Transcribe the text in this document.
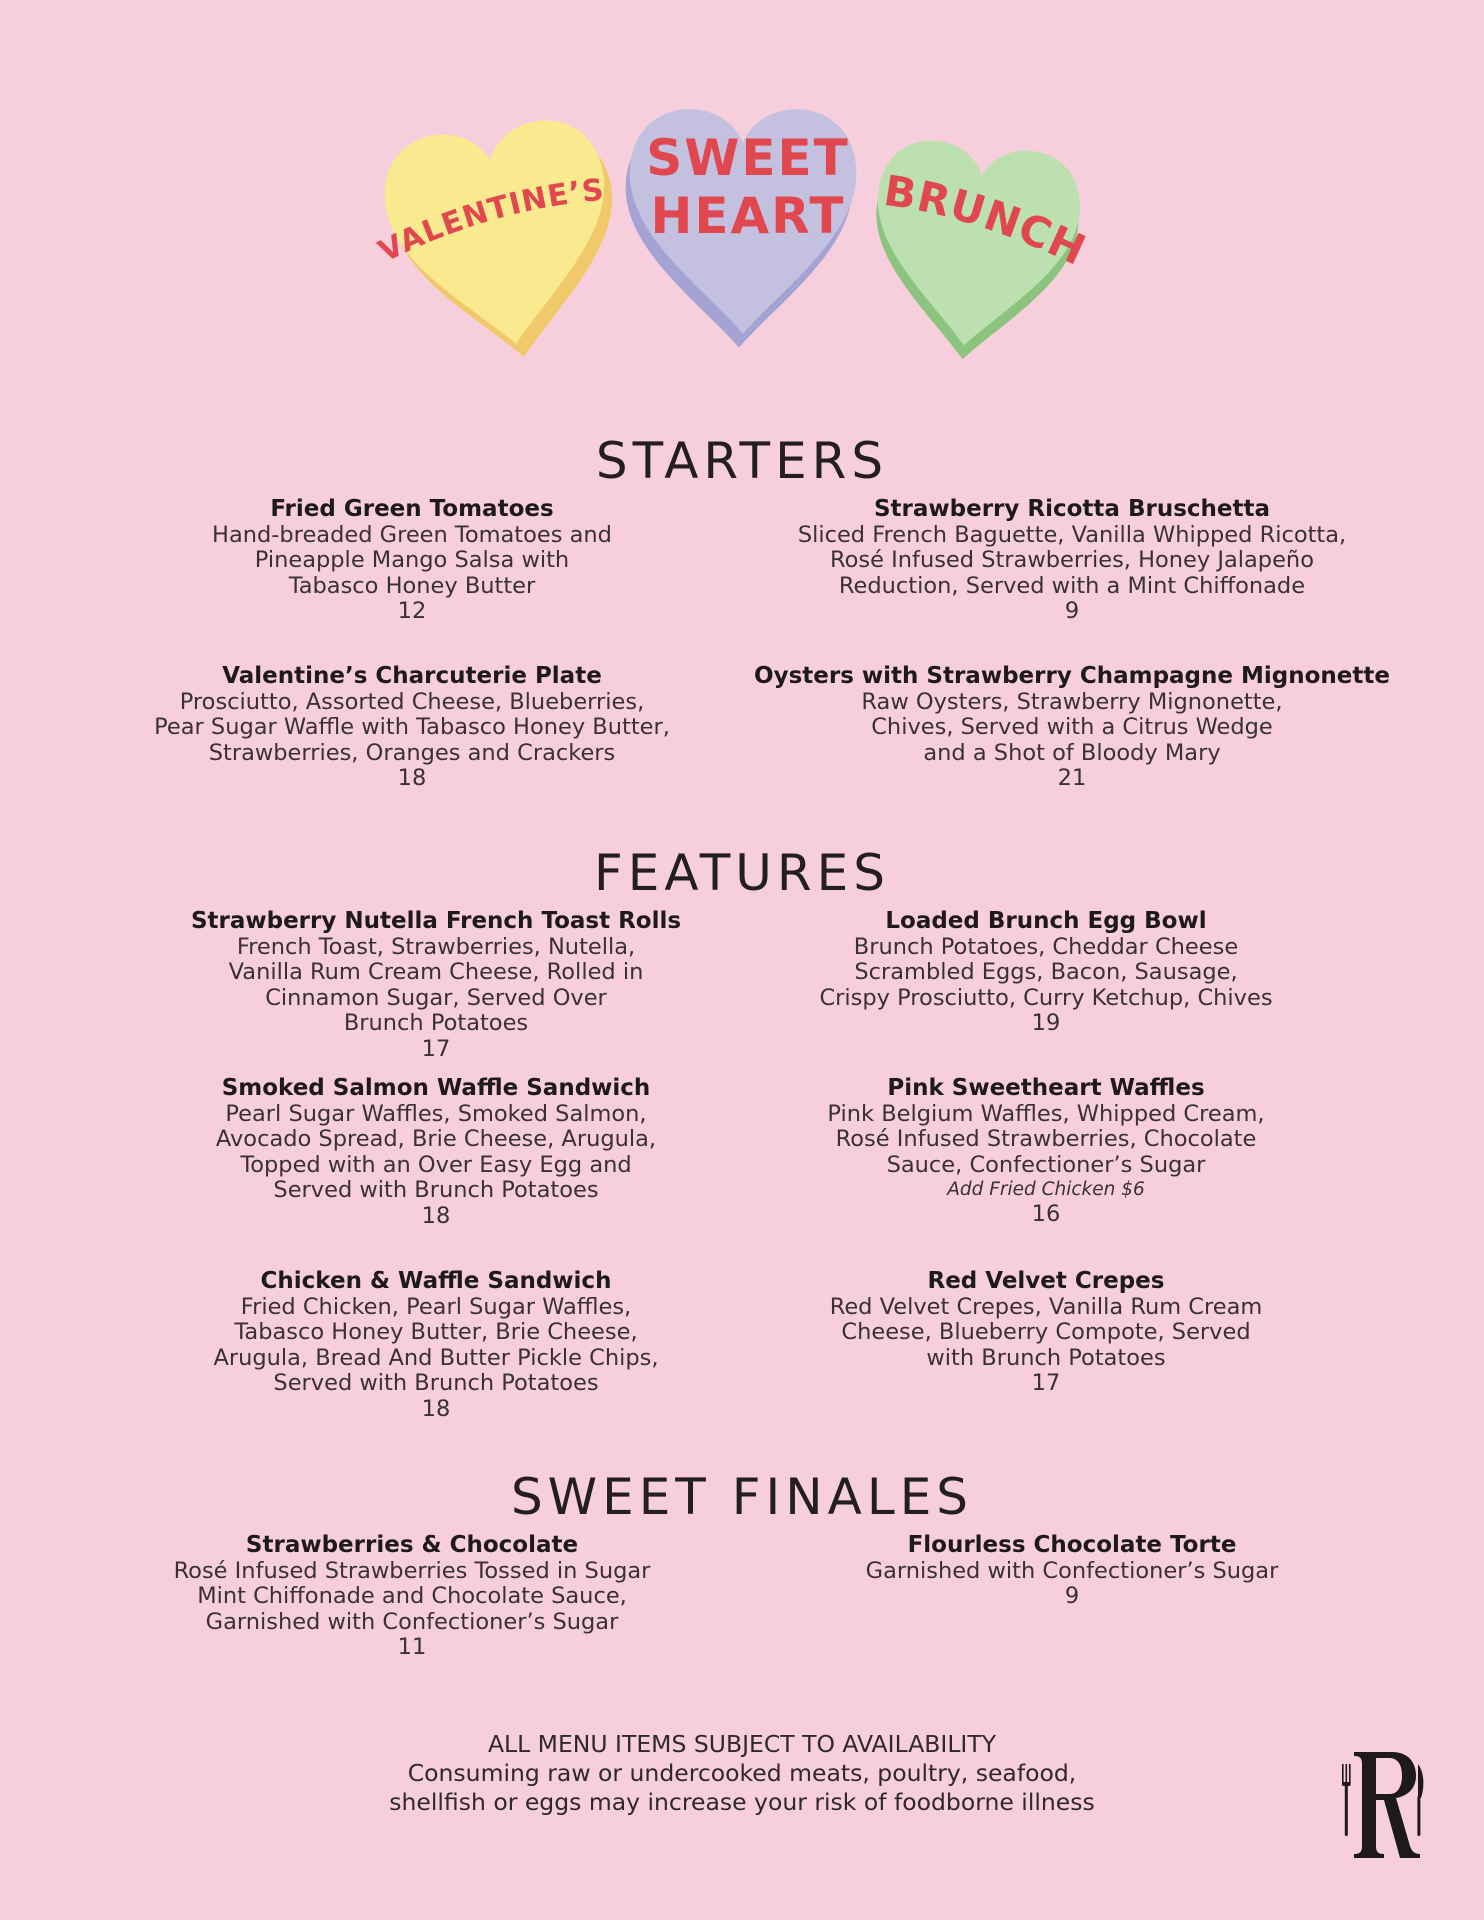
VALENTINE’S
SWEET
HEART BRUNCH
STARTERS
Fried Green Tomatoes
Hand-breaded Green Tomatoes and
Pineapple Mango Salsa with
Tabasco Honey Butter
12
Strawberry Ricotta Bruschetta
Sliced French Baguette, Vanilla Whipped Ricotta,
Rosé Infused Strawberries, Honey Jalapeño
Reduction, Served with a Mint Chiffonade
9
Valentine’s Charcuterie Plate
Prosciutto, Assorted Cheese, Blueberries,
Pear Sugar Waffle with Tabasco Honey Butter,
Strawberries, Oranges and Crackers
18
Oysters with Strawberry Champagne Mignonette
Raw Oysters, Strawberry Mignonette,
Chives, Served with a Citrus Wedge
and a Shot of Bloody Mary
21
FEATURES
Strawberry Nutella French Toast Rolls
French Toast, Strawberries, Nutella,
Vanilla Rum Cream Cheese, Rolled in
Cinnamon Sugar, Served Over
Brunch Potatoes
17
Loaded Brunch Egg Bowl
Brunch Potatoes, Cheddar Cheese
Scrambled Eggs, Bacon, Sausage,
Crispy Prosciutto, Curry Ketchup, Chives
19
Smoked Salmon Waffle Sandwich
Pearl Sugar Waffles, Smoked Salmon,
Avocado Spread, Brie Cheese, Arugula,
Topped with an Over Easy Egg and
Served with Brunch Potatoes
18
Pink Sweetheart Waffles
Pink Belgium Waffles, Whipped Cream,
Rosé Infused Strawberries, Chocolate
Sauce, Confectioner’s Sugar
Add Fried Chicken $6
16
Chicken & Waffle Sandwich
Fried Chicken, Pearl Sugar Waffles,
Tabasco Honey Butter, Brie Cheese,
Arugula, Bread And Butter Pickle Chips,
Served with Brunch Potatoes
18
Red Velvet Crepes
Red Velvet Crepes, Vanilla Rum Cream
Cheese, Blueberry Compote, Served
with Brunch Potatoes
17
SWEET FINALES
Strawberries & Chocolate
Rosé Infused Strawberries Tossed in Sugar
Mint Chiffonade and Chocolate Sauce,
Garnished with Confectioner’s Sugar
11
Flourless Chocolate Torte
Garnished with Confectioner’s Sugar
9
ALL MENU ITEMS SUBJECT TO AVAILABILITY
Consuming raw or undercooked meats, poultry, seafood,
shellfish or eggs may increase your risk of foodborne illness
